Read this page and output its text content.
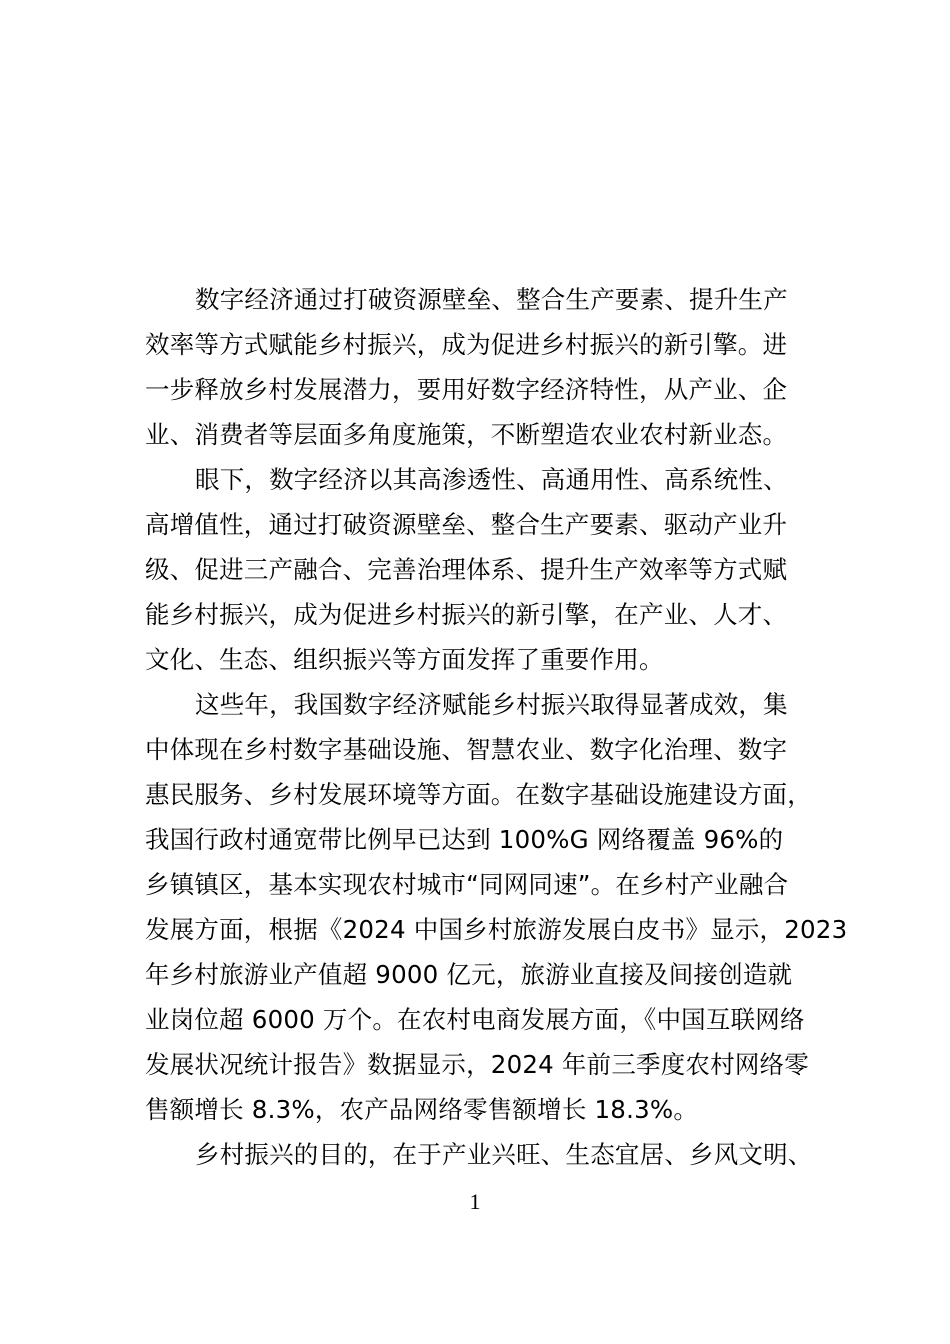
数字经济通过打破资源壁垒、整合生产要素、提升生产
效率等方式赋能乡村振兴，成为促进乡村振兴的新引擎。进
一步释放乡村发展潜力，要用好数字经济特性，从产业、企
业、消费者等层面多角度施策，不断塑造农业农村新业态。
眼下，数字经济以其高渗透性、高通用性、高系统性、
高增值性，通过打破资源壁垒、整合生产要素、驱动产业升
级、促进三产融合、完善治理体系、提升生产效率等方式赋
能乡村振兴，成为促进乡村振兴的新引擎，在产业、人才、
文化、生态、组织振兴等方面发挥了重要作用。
这些年，我国数字经济赋能乡村振兴取得显著成效，集
中体现在乡村数字基础设施、智慧农业、数字化治理、数字
惠民服务、乡村发展环境等方面。在数字基础设施建设方面，
我国行政村通宽带比例早已达到 100%G 网络覆盖 96%的
乡镇镇区，基本实现农村城市“同网同速”。在乡村产业融合
发展方面，根据《2024 中国乡村旅游发展白皮书》显示，2023
年乡村旅游业产值超 9000 亿元，旅游业直接及间接创造就
业岗位超 6000 万个。在农村电商发展方面，《中国互联网络
发展状况统计报告》数据显示，2024 年前三季度农村网络零
售额增长 8.3%，农产品网络零售额增长 18.3%。
乡村振兴的目的，在于产业兴旺、生态宜居、乡风文明、
1
